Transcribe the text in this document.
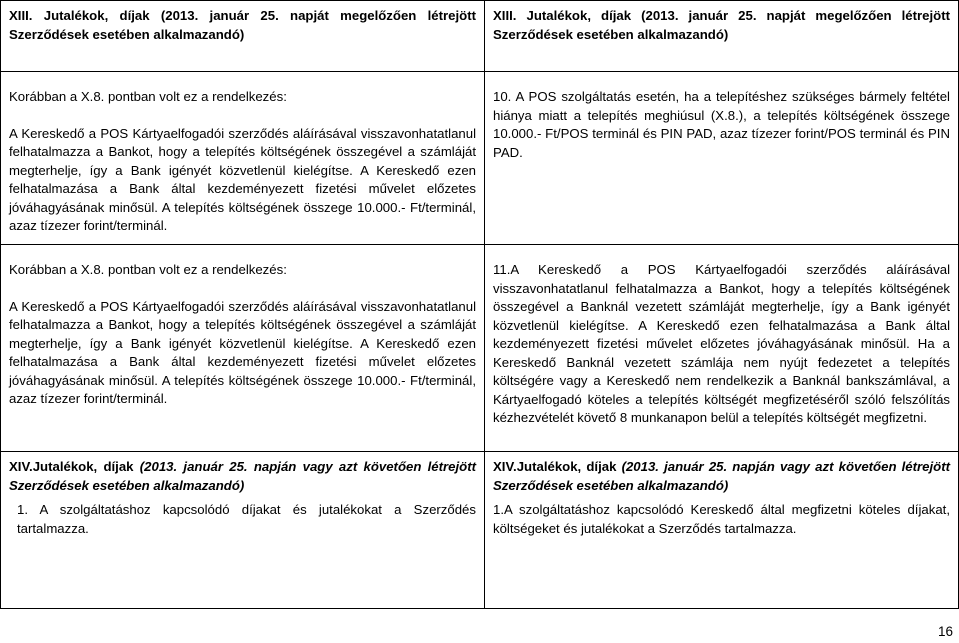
XIII. Jutalékok, díjak (2013. január 25. napját megelőzően létrejött Szerződések esetében alkalmazandó)

XIII. Jutalékok, díjak (2013. január 25. napját megelőzően létrejött Szerződések esetében alkalmazandó)

Korábban a X.8. pontban volt ez a rendelkezés:

A Kereskedő a POS Kártyaelfogadói szerződés aláírásával visszavonhatatlanul felhatalmazza a Bankot, hogy a telepítés költségének összegével a számláját megterhelje, így a Bank igényét közvetlenül kielégítse. A Kereskedő ezen felhatalmazása a Bank által kezdeményezett fizetési művelet előzetes jóváhagyásának minősül. A telepítés költségének összege 10.000.- Ft/terminál, azaz tízezer forint/terminál.

10. A POS szolgáltatás esetén, ha a telepítéshez szükséges bármely feltétel hiánya miatt a telepítés meghiúsul (X.8.), a telepítés költségének összege 10.000.- Ft/POS terminál és PIN PAD, azaz tízezer forint/POS terminál és PIN PAD.

Korábban a X.8. pontban volt ez a rendelkezés:

A Kereskedő a POS Kártyaelfogadói szerződés aláírásával visszavonhatatlanul felhatalmazza a Bankot, hogy a telepítés költségének összegével a számláját megterhelje, így a Bank igényét közvetlenül kielégítse. A Kereskedő ezen felhatalmazása a Bank által kezdeményezett fizetési művelet előzetes jóváhagyásának minősül. A telepítés költségének összege 10.000.- Ft/terminál, azaz tízezer forint/terminál.

11.A Kereskedő a POS Kártyaelfogadói szerződés aláírásával visszavonhatatlanul felhatalmazza a Bankot, hogy a telepítés költségének összegével a Banknál vezetett számláját megterhelje, így a Bank igényét közvetlenül kielégítse. A Kereskedő ezen felhatalmazása a Bank által kezdeményezett fizetési művelet előzetes jóváhagyásának minősül. Ha a Kereskedő Banknál vezetett számlája nem nyújt fedezetet a telepítés költségére vagy a Kereskedő nem rendelkezik a Banknál bankszámlával, a Kártyaelfogadó köteles a telepítés költségét megfizetéséről szóló felszólítás kézhezvételét követő 8 munkanapon belül a telepítés költségét megfizetni.

XIV.Jutalékok, díjak (2013. január 25. napján vagy azt követően létrejött Szerződések esetében alkalmazandó)

1. A szolgáltatáshoz kapcsolódó díjakat és jutalékokat a Szerződés tartalmazza.

XIV.Jutalékok, díjak (2013. január 25. napján vagy azt követően létrejött Szerződések esetében alkalmazandó)

1.A szolgáltatáshoz kapcsolódó Kereskedő által megfizetni köteles díjakat, költségeket és jutalékokat a Szerződés tartalmazza.

16
